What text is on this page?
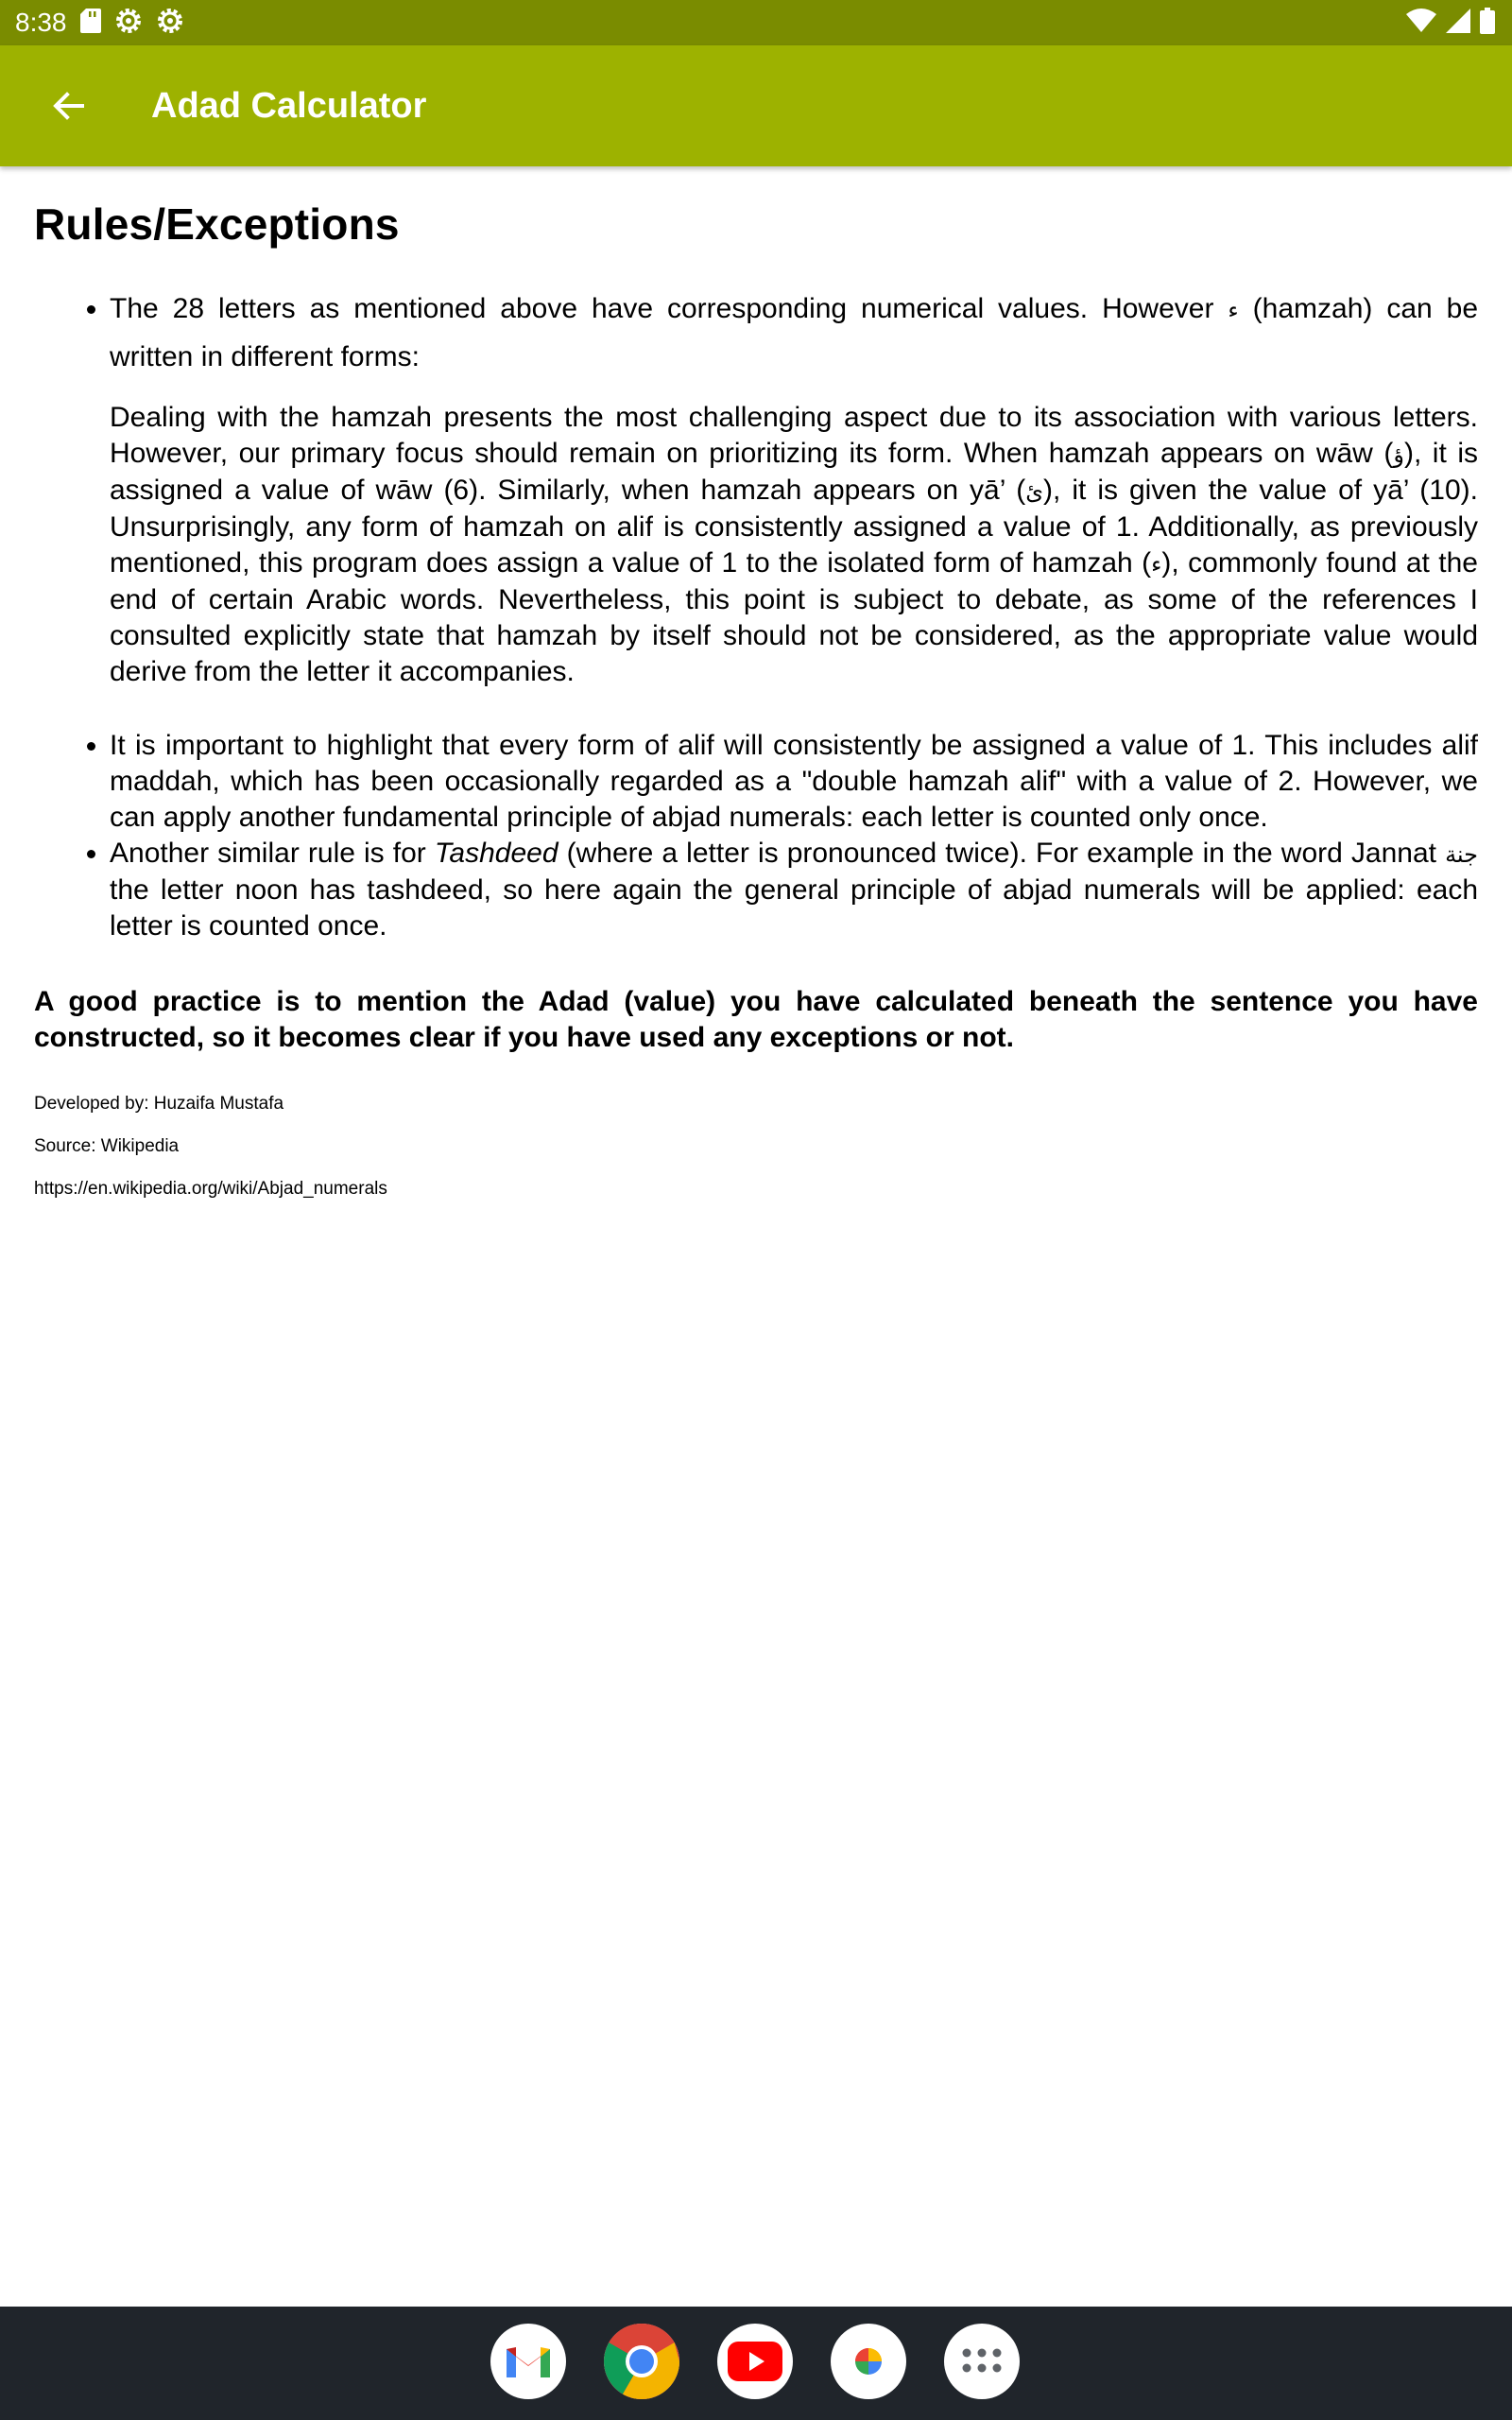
8:38
Adad Calculator
Rules/Exceptions
• The 28 letters as mentioned above have corresponding numerical values. However ء (hamzah) can be written in different forms:

Dealing with the hamzah presents the most challenging aspect due to its association with various letters. However, our primary focus should remain on prioritizing its form. When hamzah appears on wāw (ؤ), it is assigned a value of wāw (6). Similarly, when hamzah appears on yā’ (ئ), it is given the value of yā’ (10). Unsurprisingly, any form of hamzah on alif is consistently assigned a value of 1. Additionally, as previously mentioned, this program does assign a value of 1 to the isolated form of hamzah (ء), commonly found at the end of certain Arabic words. Nevertheless, this point is subject to debate, as some of the references I consulted explicitly state that hamzah by itself should not be considered, as the appropriate value would derive from the letter it accompanies.

• It is important to highlight that every form of alif will consistently be assigned a value of 1. This includes alif maddah, which has been occasionally regarded as a "double hamzah alif" with a value of 2. However, we can apply another fundamental principle of abjad numerals: each letter is counted only once.
• Another similar rule is for Tashdeed (where a letter is pronounced twice). For example in the word Jannat جنة the letter noon has tashdeed, so here again the general principle of abjad numerals will be applied: each letter is counted once.

A good practice is to mention the Adad (value) you have calculated beneath the sentence you have constructed, so it becomes clear if you have used any exceptions or not.

Developed by: Huzaifa Mustafa

Source: Wikipedia

https://en.wikipedia.org/wiki/Abjad_numerals
